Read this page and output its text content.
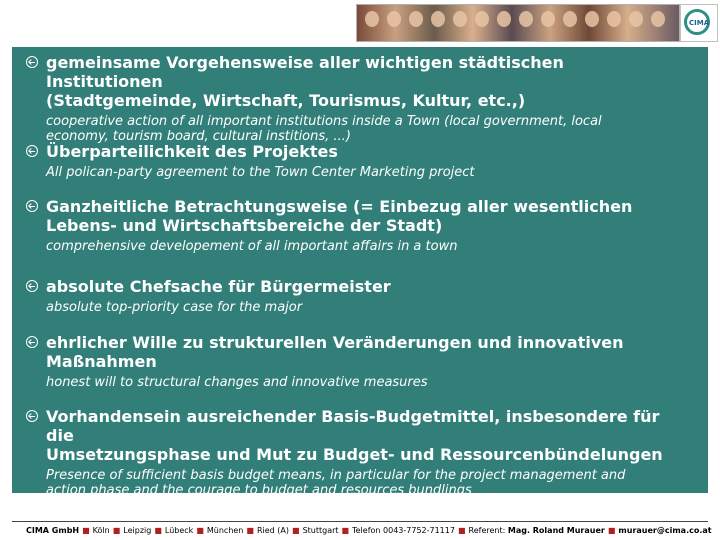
CIMA
gemeinsame Vorgehensweise aller wichtigen städtischen Institutionen
(Stadtgemeinde, Wirtschaft, Tourismus, Kultur, etc.,)
cooperative action of all important institutions inside a Town (local government, local
economy, tourism board, cultural institions, ...)
Überparteilichkeit des Projektes
All polican-party agreement to the Town Center Marketing project
Ganzheitliche Betrachtungsweise (= Einbezug aller wesentlichen
Lebens- und Wirtschaftsbereiche der Stadt)
comprehensive developement of all important affairs in a town
absolute Chefsache für Bürgermeister
absolute top-priority case for the major
ehrlicher Wille zu strukturellen Veränderungen und innovativen
Maßnahmen
honest will to structural changes and innovative measures
Vorhandensein ausreichender Basis-Budgetmittel, insbesondere für die
Umsetzungsphase und Mut zu Budget- und Ressourcenbündelungen
Presence of sufficient basis budget means, in particular for the project management and
action phase and the courage to budget and resources bundlings
CIMA GmbH ■ Köln ■ Leipzig ■ Lübeck ■ München ■ Ried (A) ■ Stuttgart ■ Telefon 0043-7752-71117 ■ Referent: Mag. Roland Murauer ■ murauer@cima.co.at
